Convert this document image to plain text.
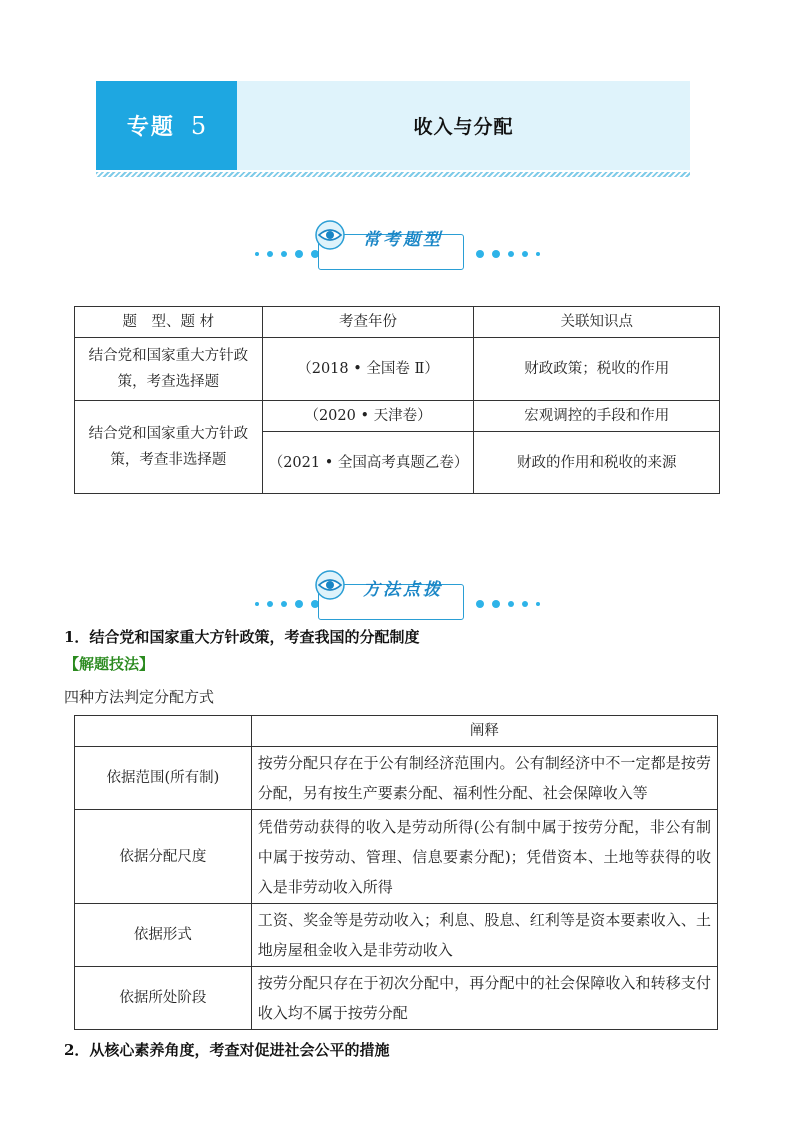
专题 5	收入与分配
常考题型
题　型、题 材	考查年份	关联知识点
结合党和国家重大方针政策，考查选择题	（2018 • 全国卷 Ⅱ）	财政政策；税收的作用
结合党和国家重大方针政策，考查非选择题	（2020 • 天津卷）	宏观调控的手段和作用
	（2021 • 全国高考真题乙卷）	财政的作用和税收的来源
方法点拨
1．结合党和国家重大方针政策，考查我国的分配制度
【解题技法】
四种方法判定分配方式
	阐释
依据范围(所有制)	按劳分配只存在于公有制经济范围内。公有制经济中不一定都是按劳分配，另有按生产要素分配、福利性分配、社会保障收入等
依据分配尺度	凭借劳动获得的收入是劳动所得(公有制中属于按劳分配，非公有制中属于按劳动、管理、信息要素分配)；凭借资本、土地等获得的收入是非劳动收入所得
依据形式	工资、奖金等是劳动收入；利息、股息、红利等是资本要素收入、土地房屋租金收入是非劳动收入
依据所处阶段	按劳分配只存在于初次分配中，再分配中的社会保障收入和转移支付收入均不属于按劳分配
2．从核心素养角度，考查对促进社会公平的措施
